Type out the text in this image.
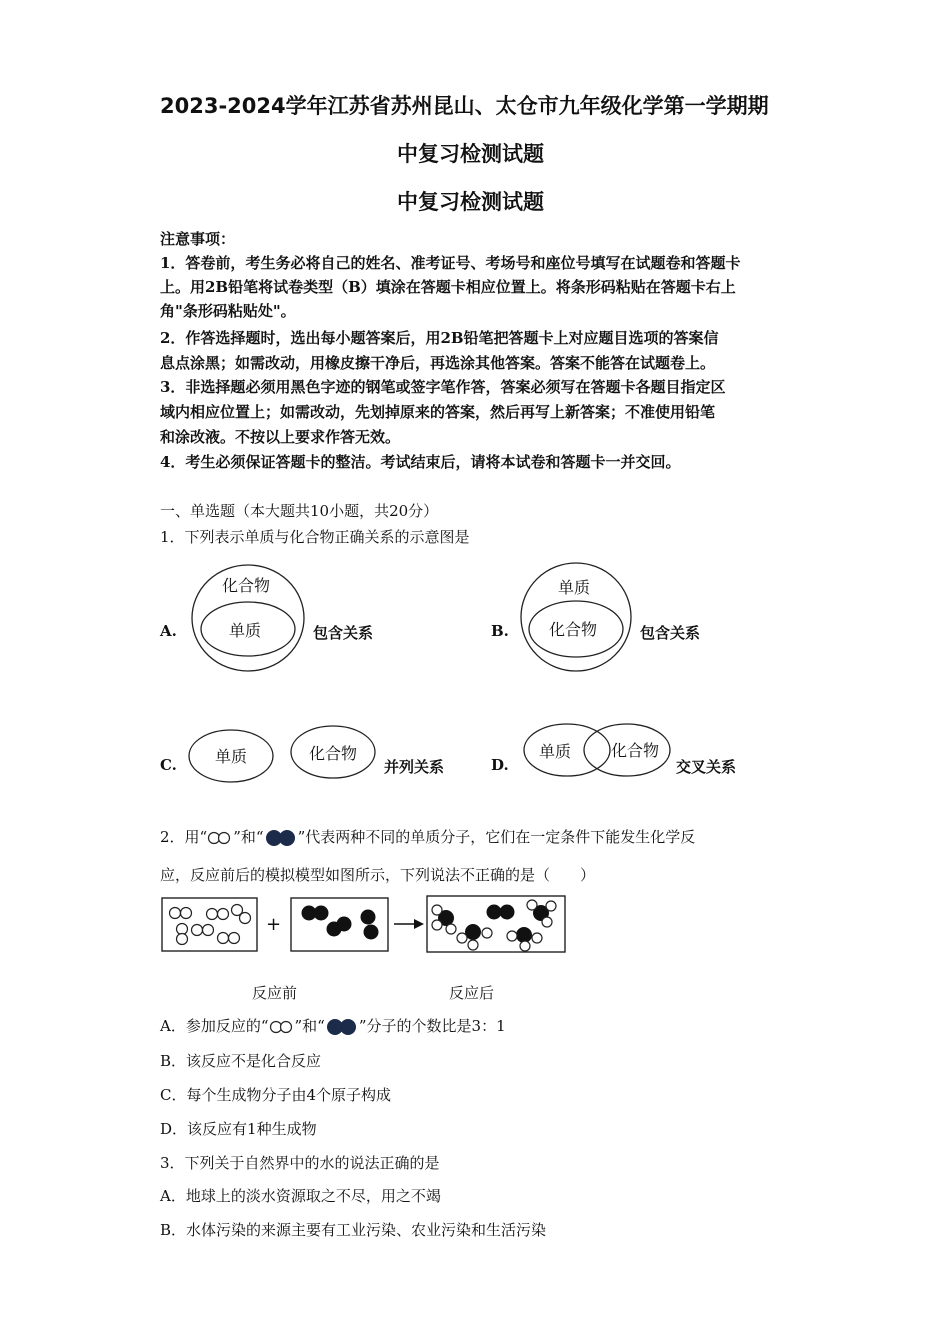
2023-2024学年江苏省苏州昆山、太仓市九年级化学第一学期期
中复习检测试题
中复习检测试题
注意事项：
1．答卷前，考生务必将自己的姓名、准考证号、考场号和座位号填写在试题卷和答题卡
上。用2B铅笔将试卷类型（B）填涂在答题卡相应位置上。将条形码粘贴在答题卡右上
角"条形码粘贴处"。
2．作答选择题时，选出每小题答案后，用2B铅笔把答题卡上对应题目选项的答案信
息点涂黑；如需改动，用橡皮擦干净后，再选涂其他答案。答案不能答在试题卷上。
3．非选择题必须用黑色字迹的钢笔或签字笔作答，答案必须写在答题卡各题目指定区
域内相应位置上；如需改动，先划掉原来的答案，然后再写上新答案；不准使用铅笔
和涂改液。不按以上要求作答无效。
4．考生必须保证答题卡的整洁。考试结束后，请将本试卷和答题卡一并交回。
一、单选题（本大题共10小题，共20分）
1．下列表示单质与化合物正确关系的示意图是
化合物
单质
单质
化合物
单质	化合物	单质 化合物
A.	包含关系	B.	包含关系
C.	并列关系	D.	交叉关系
2．用“ ”和“ ”代表两种不同的单质分子，它们在一定条件下能发生化学反
应，反应前后的模拟模型如图所示，下列说法不正确的是（　　）
+
反应前	反应后
A．参加反应的“ ”和“ ”分子的个数比是3：1
B．该反应不是化合反应
C．每个生成物分子由4个原子构成
D．该反应有1种生成物
3．下列关于自然界中的水的说法正确的是
A．地球上的淡水资源取之不尽，用之不竭
B．水体污染的来源主要有工业污染、农业污染和生活污染
